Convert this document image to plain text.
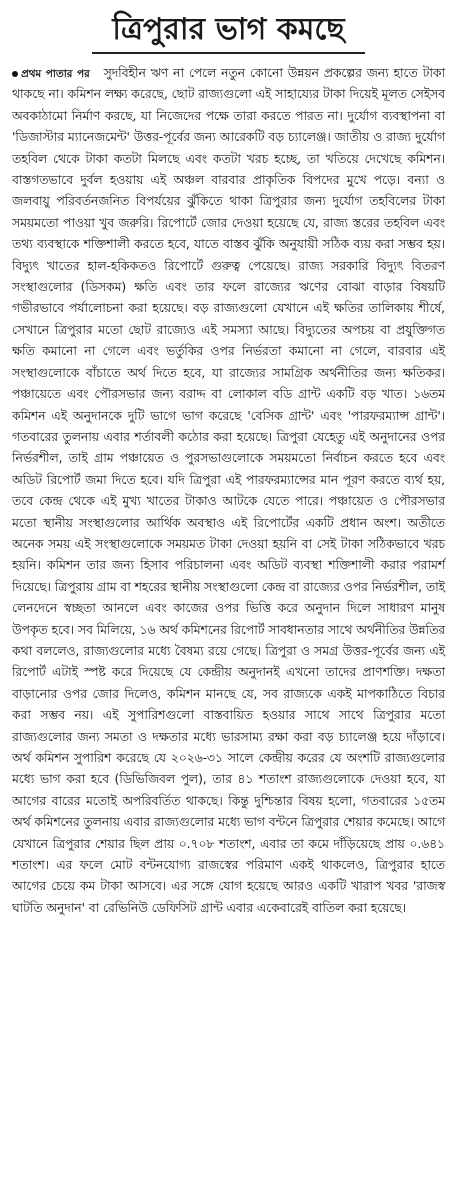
ত্রিপুরার ভাগ কমছে

প্রথম পাতার পর সুদবিহীন ঋণ না পেলে নতুন কোনো উন্নয়ন প্রকল্পের জন্য হাতে টাকা থাকছে না। কমিশন লক্ষ্য করেছে, ছোট রাজ্যগুলো এই সাহায্যের টাকা দিয়েই মূলত সেইসব অবকাঠামো নির্মাণ করছে, যা নিজেদের পক্ষে তারা করতে পারত না। দুর্যোগ ব্যবস্থাপনা বা 'ডিজাস্টার ম্যানেজমেন্ট' উত্তর-পূর্বের জন্য আরেকটি বড় চ্যালেঞ্জ। জাতীয় ও রাজ্য দুর্যোগ তহবিল থেকে টাকা কতটা মিলছে এবং কতটা খরচ হচ্ছে, তা খতিয়ে দেখেছে কমিশন। বাস্তগতভাবে দুর্বল হওয়ায় এই অঞ্চল বারবার প্রাকৃতিক বিপদের মুখে পড়ে। বন্যা ও জলবায়ু পরিবর্তনজনিত বিপর্যয়ের ঝুঁকিতে থাকা ত্রিপুরার জন্য দুর্যোগ তহবিলের টাকা সময়মতো পাওয়া খুব জরুরি। রিপোর্টে জোর দেওয়া হয়েছে যে, রাজ্য স্তরের তহবিল এবং তথ্য ব্যবস্থাকে শক্তিশালী করতে হবে, যাতে বাস্তব ঝুঁকি অনুযায়ী সঠিক ব্যয় করা সম্ভব হয়। বিদ্যুৎ খাতের হাল-হকিকতও রিপোর্টে গুরুত্ব পেয়েছে। রাজ্য সরকারি বিদ্যুৎ বিতরণ সংস্থাগুলোর (ডিসকম) ক্ষতি এবং তার ফলে রাজ্যের ঋণের বোঝা বাড়ার বিষয়টি গভীরভাবে পর্যালোচনা করা হয়েছে। বড় রাজ্যগুলো যেখানে এই ক্ষতির তালিকায় শীর্ষে, সেখানে ত্রিপুরার মতো ছোট রাজ্যেও এই সমস্যা আছে। বিদ্যুতের অপচয় বা প্রযুক্তিগত ক্ষতি কমানো না গেলে এবং ভর্তুকির ওপর নির্ভরতা কমানো না গেলে, বারবার এই সংস্থাগুলোকে বাঁচাতে অর্থ দিতে হবে, যা রাজ্যের সামগ্রিক অর্থনীতির জন্য ক্ষতিকর। পঞ্চায়েতে এবং পৌরসভার জন্য বরাদ্দ বা লোকাল বডি গ্রান্ট একটি বড় খাত। ১৬তম কমিশন এই অনুদানকে দুটি ভাগে ভাগ করেছে 'বেসিক গ্রান্ট' এবং 'পারফরম্যান্স গ্রান্ট'। গতবারের তুলনায় এবার শর্তাবলী কঠোর করা হয়েছে। ত্রিপুরা যেহেতু এই অনুদানের ওপর নির্ভরশীল, তাই গ্রাম পঞ্চায়েত ও পুরসভাগুলোকে সময়মতো নির্বাচন করতে হবে এবং অডিট রিপোর্ট জমা দিতে হবে। যদি ত্রিপুরা এই পারফরম্যান্সের মান পূরণ করতে ব্যর্থ হয়, তবে কেন্দ্র থেকে এই মুখ্য খাতের টাকাও আটকে যেতে পারে। পঞ্চায়েত ও পৌরসভার মতো স্থানীয় সংস্থাগুলোর আর্থিক অবস্থাও এই রিপোর্টের একটি প্রধান অংশ। অতীতে অনেক সময় এই সংস্থাগুলোকে সময়মত টাকা দেওয়া হয়নি বা সেই টাকা সঠিকভাবে খরচ হয়নি। কমিশন তার জন্য হিসাব পরিচালনা এবং অডিট ব্যবস্থা শক্তিশালী করার পরামর্শ দিয়েছে। ত্রিপুরায় গ্রাম বা শহরের স্থানীয় সংস্থাগুলো কেন্দ্র বা রাজ্যের ওপর নির্ভরশীল, তাই লেনদেনে স্বচ্ছতা আনলে এবং কাজের ওপর ভিত্তি করে অনুদান দিলে সাধারণ মানুষ উপকৃত হবে। সব মিলিয়ে, ১৬ অর্থ কমিশনের রিপোর্ট সাবধানতার সাথে অর্থনীতির উন্নতির কথা বললেও, রাজ্যগুলোর মধ্যে বৈষম্য রয়ে গেছে। ত্রিপুরা ও সমগ্র উত্তর-পূর্বের জন্য এই রিপোর্ট এটাই স্পষ্ট করে দিয়েছে যে কেন্দ্রীয় অনুদানই এখনো তাদের প্রাণশক্তি। দক্ষতা বাড়ানোর ওপর জোর দিলেও, কমিশন মানছে যে, সব রাজ্যকে একই মাপকাঠিতে বিচার করা সম্ভব নয়। এই সুপারিশগুলো বাস্তবায়িত হওয়ার সাথে সাথে ত্রিপুরার মতো রাজ্যগুলোর জন্য সমতা ও দক্ষতার মধ্যে ভারসাম্য রক্ষা করা বড় চ্যালেঞ্জ হয়ে দাঁড়াবে। অর্থ কমিশন সুপারিশ করেছে যে ২০২৬-৩১ সালে কেন্দ্রীয় করের যে অংশটি রাজ্যগুলোর মধ্যে ভাগ করা হবে (ডিভিজিবল পুল), তার ৪১ শতাংশ রাজ্যগুলোকে দেওয়া হবে, যা আগের বারের মতোই অপরিবর্তিত থাকছে। কিন্তু দুশ্চিন্তার বিষয় হলো, গতবারের ১৫তম অর্থ কমিশনের তুলনায় এবার রাজ্যগুলোর মধ্যে ভাগ বন্টনে ত্রিপুরার শেয়ার কমেছে। আগে যেখানে ত্রিপুরার শেয়ার ছিল প্রায় ০.৭০৮ শতাংশ, এবার তা কমে দাঁড়িয়েছে প্রায় ০.৬৪১ শতাংশ। এর ফলে মোট বন্টনযোগ্য রাজস্বের পরিমাণ একই থাকলেও, ত্রিপুরার হাতে আগের চেয়ে কম টাকা আসবে। এর সঙ্গে যোগ হয়েছে আরও একটি খারাপ খবর 'রাজস্ব ঘাটতি অনুদান' বা রেভিনিউ ডেফিসিট গ্রান্ট এবার একেবারেই বাতিল করা হয়েছে।
